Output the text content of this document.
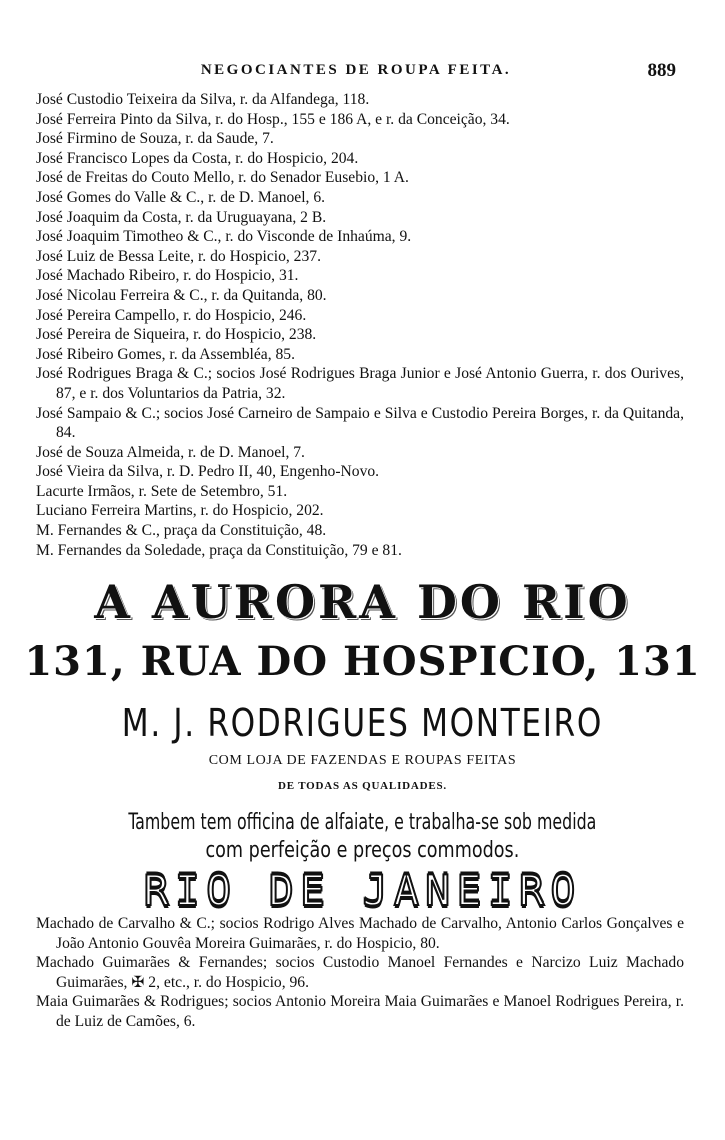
NEGOCIANTES DE ROUPA FEITA.	889

José Custodio Teixeira da Silva, r. da Alfandega, 118.

José Ferreira Pinto da Silva, r. do Hosp., 155 e 186 A, e r. da Conceição, 34.

José Firmino de Souza, r. da Saude, 7.

José Francisco Lopes da Costa, r. do Hospicio, 204.

José de Freitas do Couto Mello, r. do Senador Eusebio, 1 A.

José Gomes do Valle & C., r. de D. Manoel, 6.

José Joaquim da Costa, r. da Uruguayana, 2 B.

José Joaquim Timotheo & C., r. do Visconde de Inhaúma, 9.

José Luiz de Bessa Leite, r. do Hospicio, 237.

José Machado Ribeiro, r. do Hospicio, 31.

José Nicolau Ferreira & C., r. da Quitanda, 80.

José Pereira Campello, r. do Hospicio, 246.

José Pereira de Siqueira, r. do Hospicio, 238.

José Ribeiro Gomes, r. da Assembléa, 85.

José Rodrigues Braga & C.; socios José Rodrigues Braga Junior e José Antonio Guerra, r. dos Ourives, 87, e r. dos Voluntarios da Patria, 32.

José Sampaio & C.; socios José Carneiro de Sampaio e Silva e Custodio Pereira Borges, r. da Quitanda, 84.

José de Souza Almeida, r. de D. Manoel, 7.

José Vieira da Silva, r. D. Pedro II, 40, Engenho-Novo.

Lacurte Irmãos, r. Sete de Setembro, 51.

Luciano Ferreira Martins, r. do Hospicio, 202.

M. Fernandes & C., praça da Constituição, 48.

M. Fernandes da Soledade, praça da Constituição, 79 e 81.

A AURORA DO RIO
131, RUA DO HOSPICIO, 131
M. J. RODRIGUES MONTEIRO
COM LOJA DE FAZENDAS E ROUPAS FEITAS
DE TODAS AS QUALIDADES.
Tambem tem officina de alfaiate, e trabalha-se sob medida
com perfeição e preços commodos.
RIO DE JANEIRO

Machado de Carvalho & C.; socios Rodrigo Alves Machado de Carvalho, Antonio Carlos Gonçalves e João Antonio Gouvêa Moreira Guimarães, r. do Hospicio, 80.

Machado Guimarães & Fernandes; socios Custodio Manoel Fernandes e Narcizo Luiz Machado Guimarães, ✠ 2, etc., r. do Hospicio, 96.

Maia Guimarães & Rodrigues; socios Antonio Moreira Maia Guimarães e Manoel Rodrigues Pereira, r. de Luiz de Camões, 6.
